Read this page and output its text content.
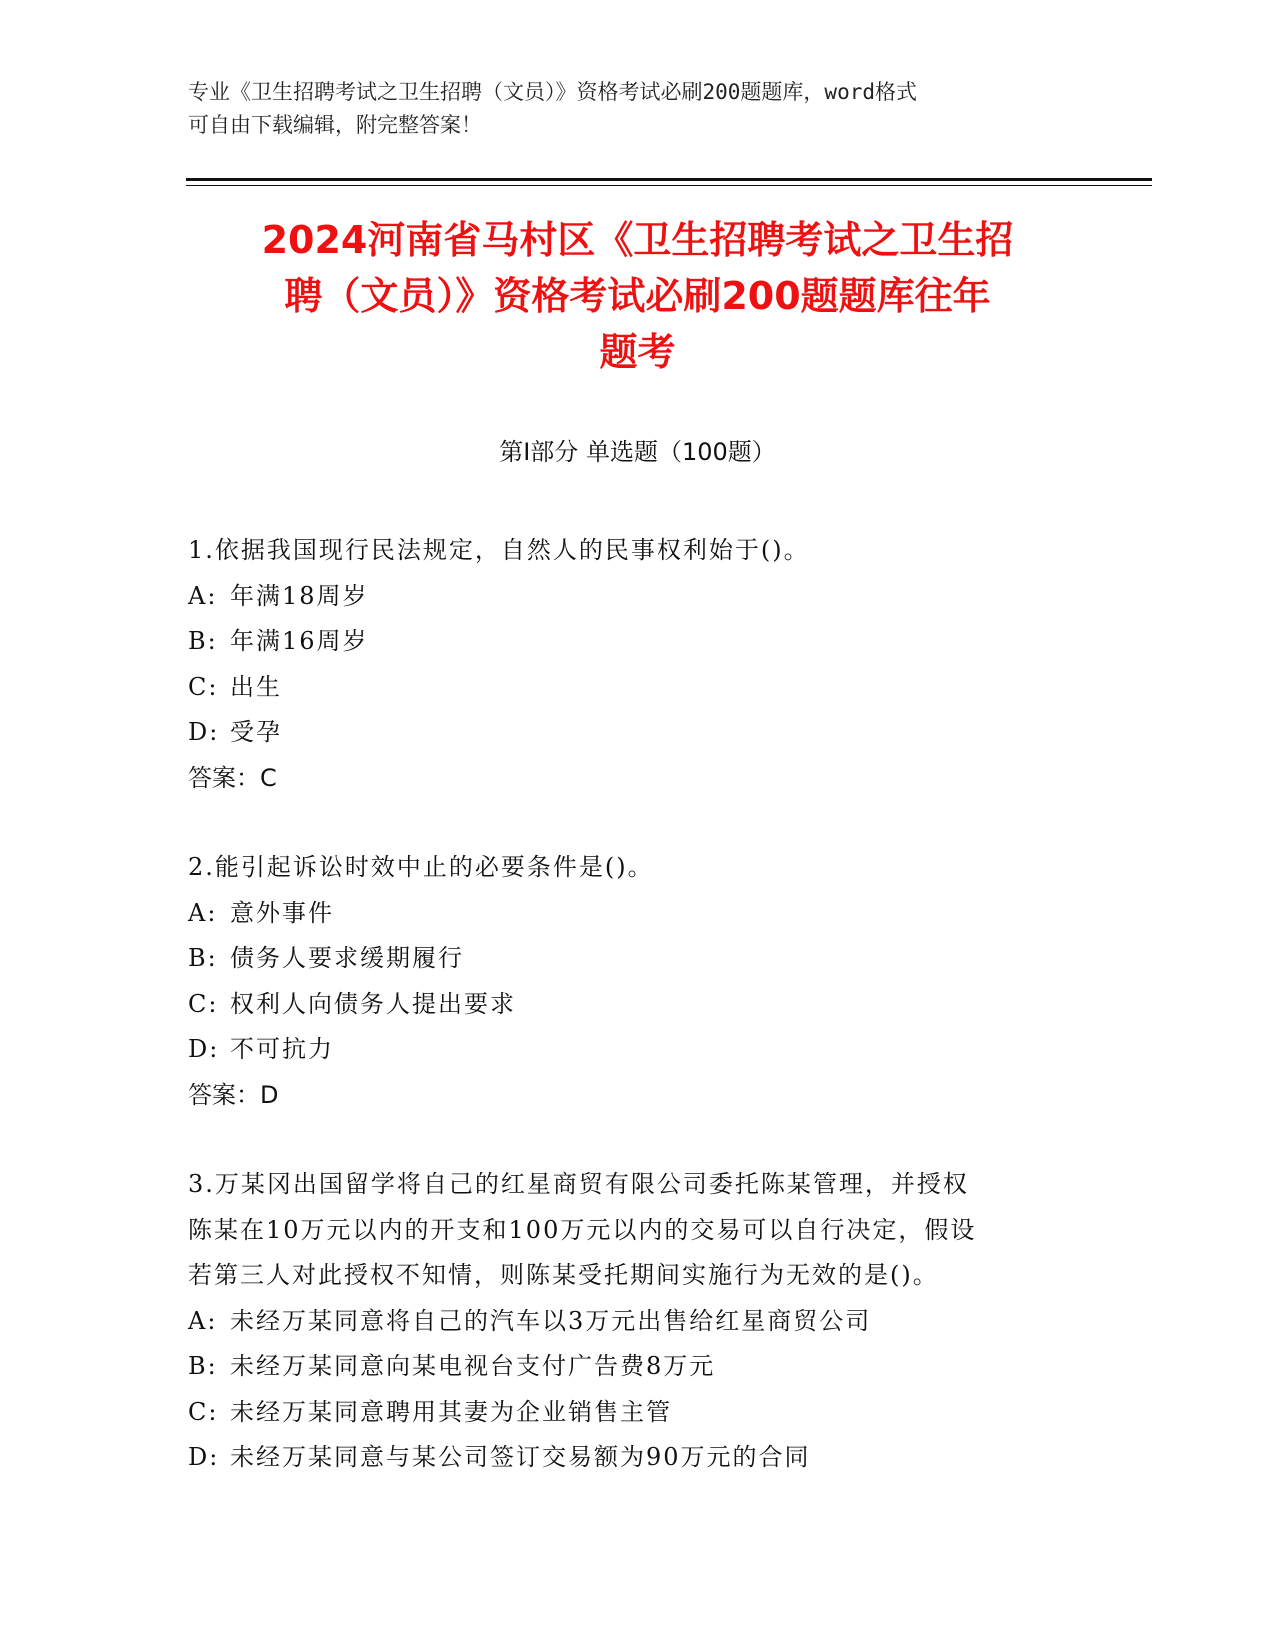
专业《卫生招聘考试之卫生招聘（文员）》资格考试必刷200题题库，word格式
可自由下载编辑，附完整答案！
2024河南省马村区《卫生招聘考试之卫生招
聘（文员）》资格考试必刷200题题库往年
题考
第Ⅰ部分 单选题（100题）
1.依据我国现行民法规定，自然人的民事权利始于()。
A: 年满18周岁
B: 年满16周岁
C: 出生
D: 受孕
答案：C
2.能引起诉讼时效中止的必要条件是()。
A: 意外事件
B: 债务人要求缓期履行
C: 权利人向债务人提出要求
D: 不可抗力
答案：D
3.万某冈出国留学将自己的红星商贸有限公司委托陈某管理，并授权
陈某在10万元以内的开支和100万元以内的交易可以自行决定，假设
若第三人对此授权不知情，则陈某受托期间实施行为无效的是()。
A: 未经万某同意将自己的汽车以3万元出售给红星商贸公司
B: 未经万某同意向某电视台支付广告费8万元
C: 未经万某同意聘用其妻为企业销售主管
D: 未经万某同意与某公司签订交易额为90万元的合同
